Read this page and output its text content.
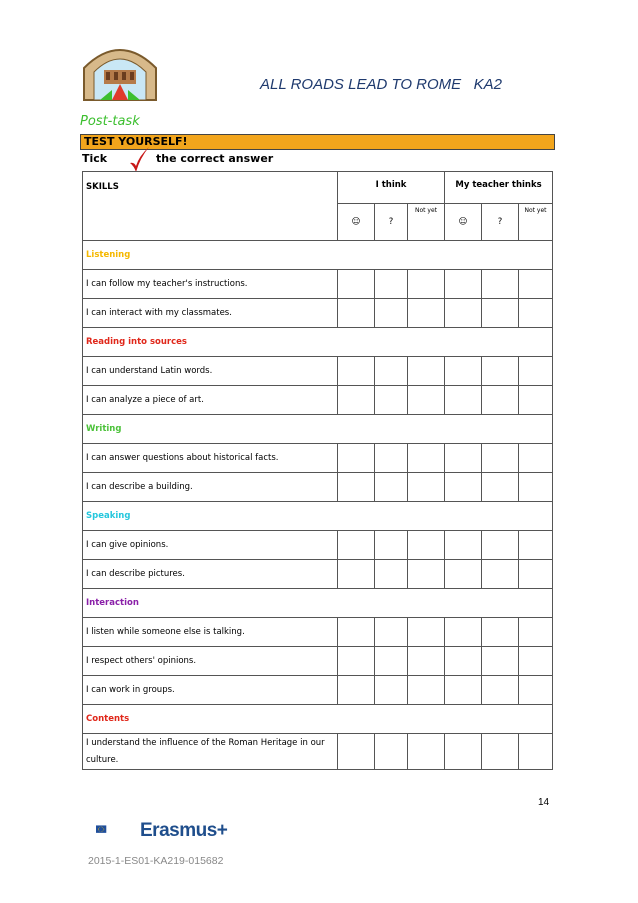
ALL ROADS LEAD TO ROME   KA2
Post-task
TEST YOURSELF!
Tick	the correct answer
SKILLS	I think			My teacher thinks		
	☺	?	Not yet	☺	?	Not yet
Listening						
I can follow my teacher's instructions.						
I can interact with my classmates.						
Reading into sources						
I can understand Latin words.						
I can analyze a piece of art.						
Writing						
I can answer questions about historical facts.						
I can describe a building.						
Speaking						
I can give opinions.						
I can describe pictures.						
Interaction						
I listen while someone else is talking.						
I respect others' opinions.						
I can work in groups.						
Contents						
I understand the influence of the Roman Heritage in our culture.						
14
Erasmus+
2015-1-ES01-KA219-015682
